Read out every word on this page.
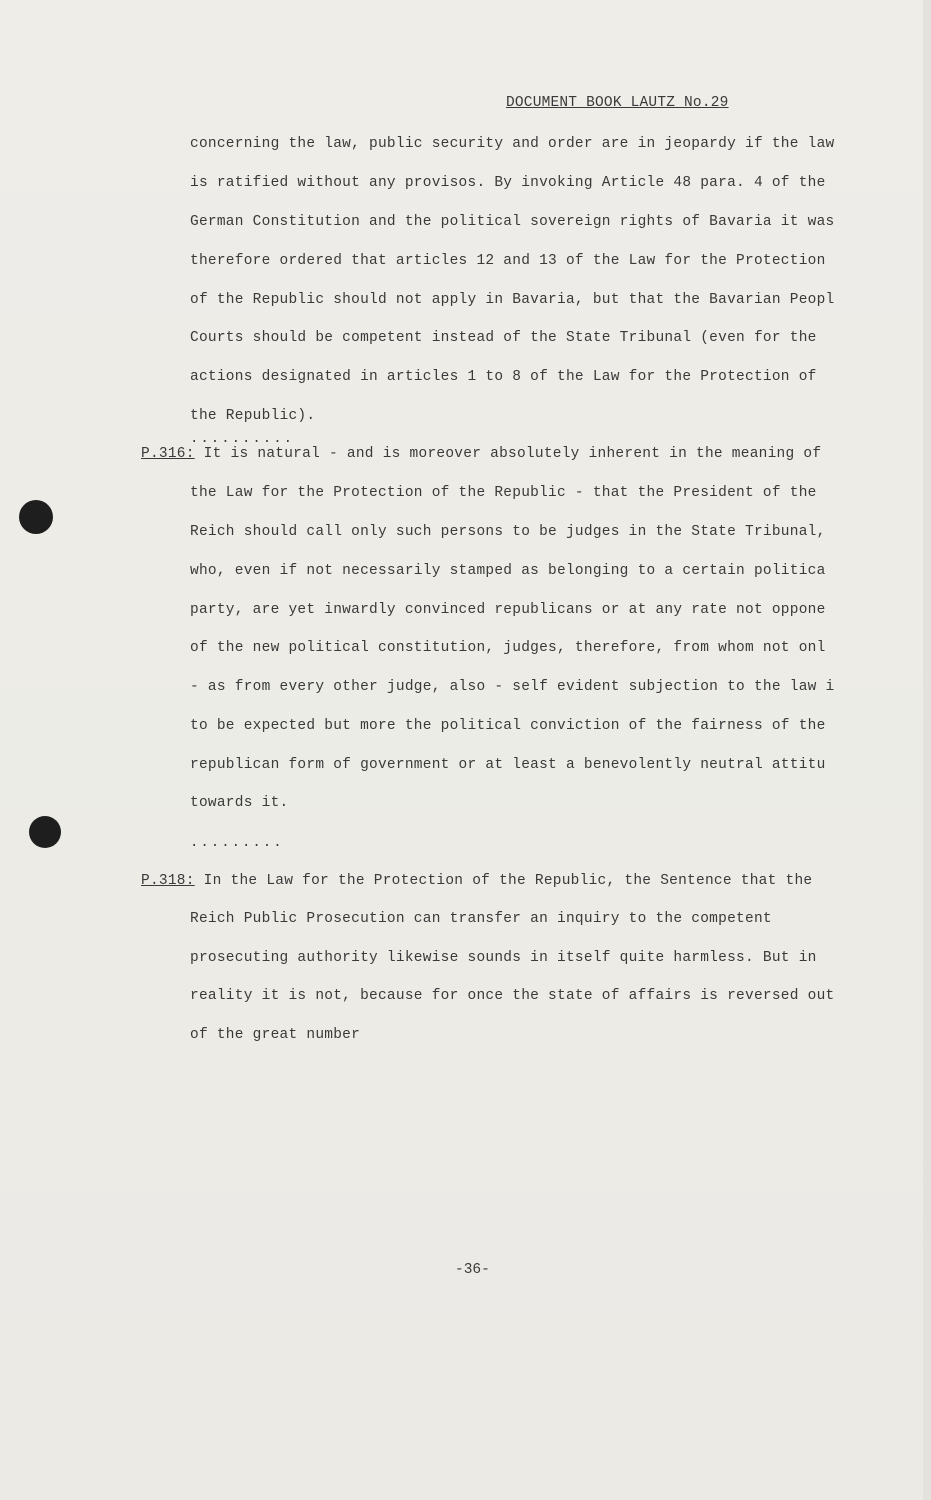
DOCUMENT BOOK LAUTZ No.29
concerning the law, public security and order are in jeopardy if the law
is ratified without any provisos. By invoking Article 48 para. 4 of the
German Constitution and the political sovereign rights of Bavaria it was
therefore ordered that articles 12 and 13 of the Law for the Protection
of the Republic should not apply in Bavaria, but that the Bavarian Peopl
Courts should be competent instead of the State Tribunal (even for the
actions designated in articles 1 to 8 of the Law for the Protection of
the Republic).
..........
P.316: It is natural - and is moreover absolutely inherent in the meaning of
the Law for the Protection of the Republic - that the President of the
Reich should call only such persons to be judges in the State Tribunal,
who, even if not necessarily stamped as belonging to a certain politica
party, are yet inwardly convinced republicans or at any rate not oppone
of the new political constitution, judges, therefore, from whom not onl
- as from every other judge, also - self evident subjection to the law i
to be expected but more the political conviction of the fairness of the
republican form of government or at least a benevolently neutral attitu
towards it.
.........
P.318: In the Law for the Protection of the Republic, the Sentence that the
Reich Public Prosecution can transfer an inquiry to the competent
prosecuting authority likewise sounds in itself quite harmless. But in
reality it is not, because for once the state of affairs is reversed out
of the great number
-36-
